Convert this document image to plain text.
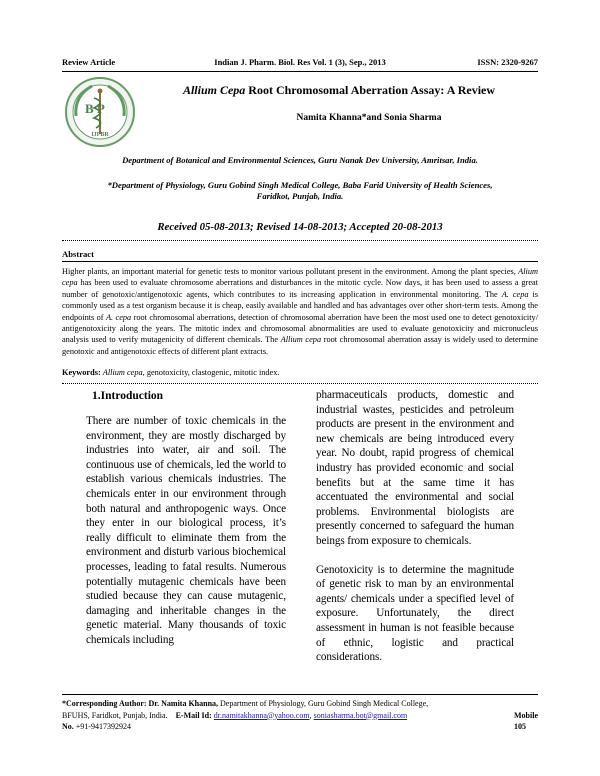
Review Article	Indian J. Pharm. Biol. Res Vol. 1 (3), Sep., 2013	ISSN: 2320-9267
B P
IJPBR
Allium Cepa Root Chromosomal Aberration Assay: A Review
Namita Khanna*and Sonia Sharma
Department of Botanical and Environmental Sciences, Guru Nanak Dev University, Amritsar, India.
*Department of Physiology, Guru Gobind Singh Medical College, Baba Farid University of Health Sciences,
Faridkot, Punjab, India.
Received 05-08-2013; Revised 14-08-2013; Accepted 20-08-2013
Abstract
Higher plants, an important material for genetic tests to monitor various pollutant present in the environment. Among the plant species, Alium cepa has been used to evaluate chromosome aberrations and disturbances in the mitotic cycle. Now days, it has been used to assess a great number of genotoxic/antigenotoxic agents, which contributes to its increasing application in environmental monitoring. The A. cepa is commonly used as a test organism because it is cheap, easily available and handled and has advantages over other short-term tests. Among the endpoints of A. cepa root chromosomal aberrations, detection of chromosomal aberration have been the most used one to detect genotoxicity/ antigenotoxicity along the years. The mitotic index and chromosomal abnormalities are used to evaluate genotoxicity and micronucleus analysis used to verify mutagenicity of different chemicals. The Allium cepa root chromosomal aberration assay is widely used to determine genotoxic and antigenotoxic effects of different plant extracts.
Keywords: Allium cepa, genotoxicity, clastogenic, mitotic index.
1.Introduction

There are number of toxic chemicals in the environment, they are mostly discharged by industries into water, air and soil. The continuous use of chemicals, led the world to establish various chemicals industries. The chemicals enter in our environment through both natural and anthropogenic ways. Once they enter in our biological process, it’s really difficult to eliminate them from the environment and disturb various biochemical processes, leading to fatal results. Numerous potentially mutagenic chemicals have been studied because they can cause mutagenic, damaging and inheritable changes in the genetic material. Many thousands of toxic chemicals including

pharmaceuticals products, domestic and industrial wastes, pesticides and petroleum products are present in the environment and new chemicals are being introduced every year. No doubt, rapid progress of chemical industry has provided economic and social benefits but at the same time it has accentuated the environmental and social problems. Environmental biologists are presently concerned to safeguard the human beings from exposure to chemicals.

Genotoxicity is to determine the magnitude of genetic risk to man by an environmental agents/ chemicals under a specified level of exposure. Unfortunately, the direct assessment in human is not feasible because of ethnic, logistic and practical considerations.

*Corresponding Author: Dr. Namita Khanna, Department of Physiology, Guru Gobind Singh Medical College,
BFUHS, Faridkot, Punjab, India. E-Mail Id: dr.namitakhanna@yahoo.com, soniasharma.bot@gmail.com	Mobile
No. +91-9417392924	105
